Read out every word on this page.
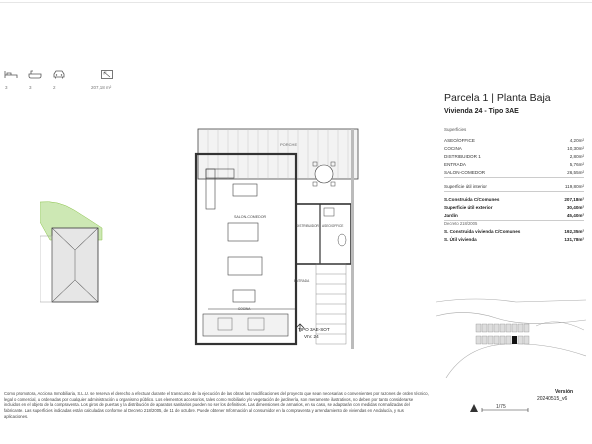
3	3	2	207,18 m²
PORCHE
SALON-COMEDOR
DISTRIBUIDOR ASEO/OFFICE
ENTRADA
COCINA
TIPO 3AE-SOT
VIV. 24
Parcela 1 | Planta Baja
Vivienda 24 - Tipo 3AE
Superficies
ASEO/OFFICE	4,20m²
COCINA	10,30m²
DISTRIBUIDOR 1	2,80m²
ENTRADA	5,76m²
SALON-COMEDOR	26,55m²
Superficie útil interior	119,80m²
S.Construida C/Comunes	207,18m²
Superficie útil exterior	30,40m²
Jardín	45,40m²
Decreto 218/2005
S. Construida vivienda C/Comunes	192,35m²
S. Útil vivienda	131,78m²
Versión
20240515_v6
1/75
Como promotora, Acciona Inmobiliaria, S.L.U. se reserva el derecho a efectuar durante el transcurso de la ejecución de las obras las modificaciones del proyecto que sean necesarias o convenientes por razones de orden técnico, legal o comercial, u ordenadas por cualquier administración u organismo público. Los elementos accesorios, tales como mobiliario y/o vegetación de jardinería, son meramente ilustrativos, no deben por tanto considerarse incluidos en el objeto de la compraventa. Los giros de puertas y la distribución de aparatos sanitarios pueden no ser los definitivos. Las dimensiones de armarios, en su caso, se adaptarán con medidas normalizadas del fabricante. Las superficies indicadas están calculadas conforme al Decreto 218/2005, de 11 de octubre. Puede obtener Información al consumidor en la compraventa y arrendamiento de viviendas en Andalucía, y sus aplicaciones.
